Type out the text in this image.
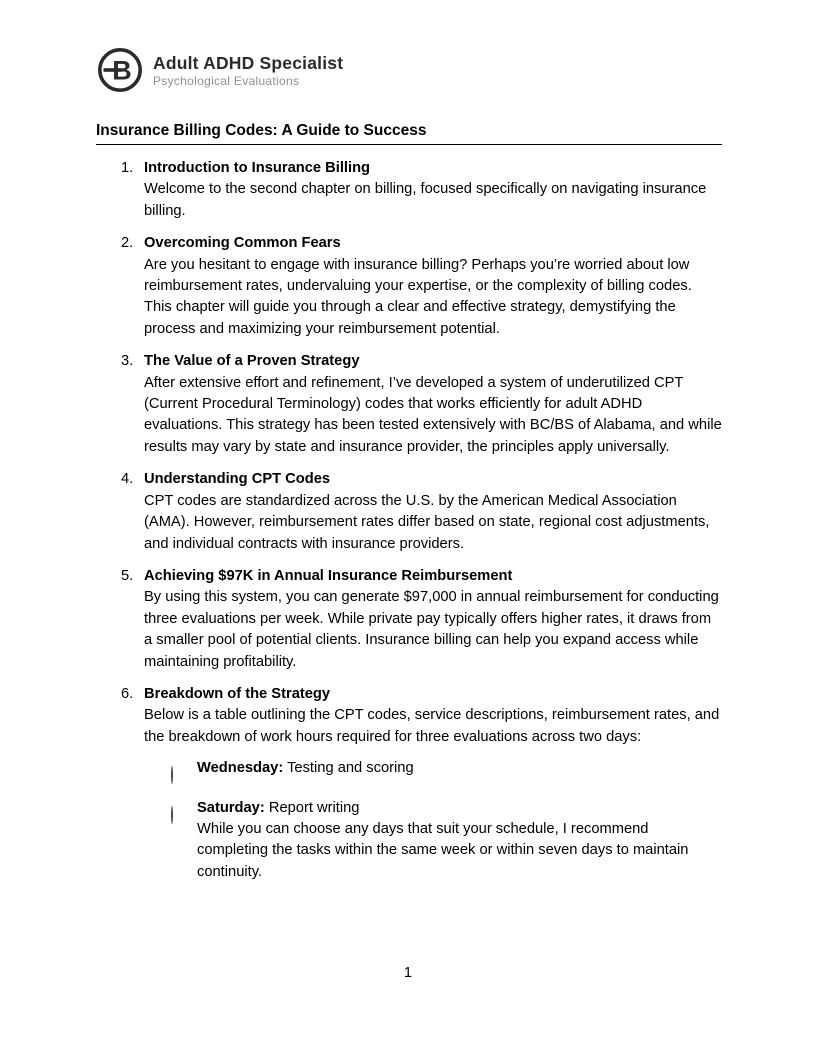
B Adult ADHD Specialist
Psychological Evaluations
Insurance Billing Codes: A Guide to Success
1. Introduction to Insurance Billing
Welcome to the second chapter on billing, focused specifically on navigating insurance billing.
2. Overcoming Common Fears
Are you hesitant to engage with insurance billing? Perhaps you’re worried about low reimbursement rates, undervaluing your expertise, or the complexity of billing codes. This chapter will guide you through a clear and effective strategy, demystifying the process and maximizing your reimbursement potential.
3. The Value of a Proven Strategy
After extensive effort and refinement, I’ve developed a system of underutilized CPT (Current Procedural Terminology) codes that works efficiently for adult ADHD evaluations. This strategy has been tested extensively with BC/BS of Alabama, and while results may vary by state and insurance provider, the principles apply universally.
4. Understanding CPT Codes
CPT codes are standardized across the U.S. by the American Medical Association (AMA). However, reimbursement rates differ based on state, regional cost adjustments, and individual contracts with insurance providers.
5. Achieving $97K in Annual Insurance Reimbursement
By using this system, you can generate $97,000 in annual reimbursement for conducting three evaluations per week. While private pay typically offers higher rates, it draws from a smaller pool of potential clients. Insurance billing can help you expand access while maintaining profitability.
6. Breakdown of the Strategy
Below is a table outlining the CPT codes, service descriptions, reimbursement rates, and the breakdown of work hours required for three evaluations across two days:
Wednesday: Testing and scoring
Saturday: Report writing

While you can choose any days that suit your schedule, I recommend completing the tasks within the same week or within seven days to maintain continuity.

1
